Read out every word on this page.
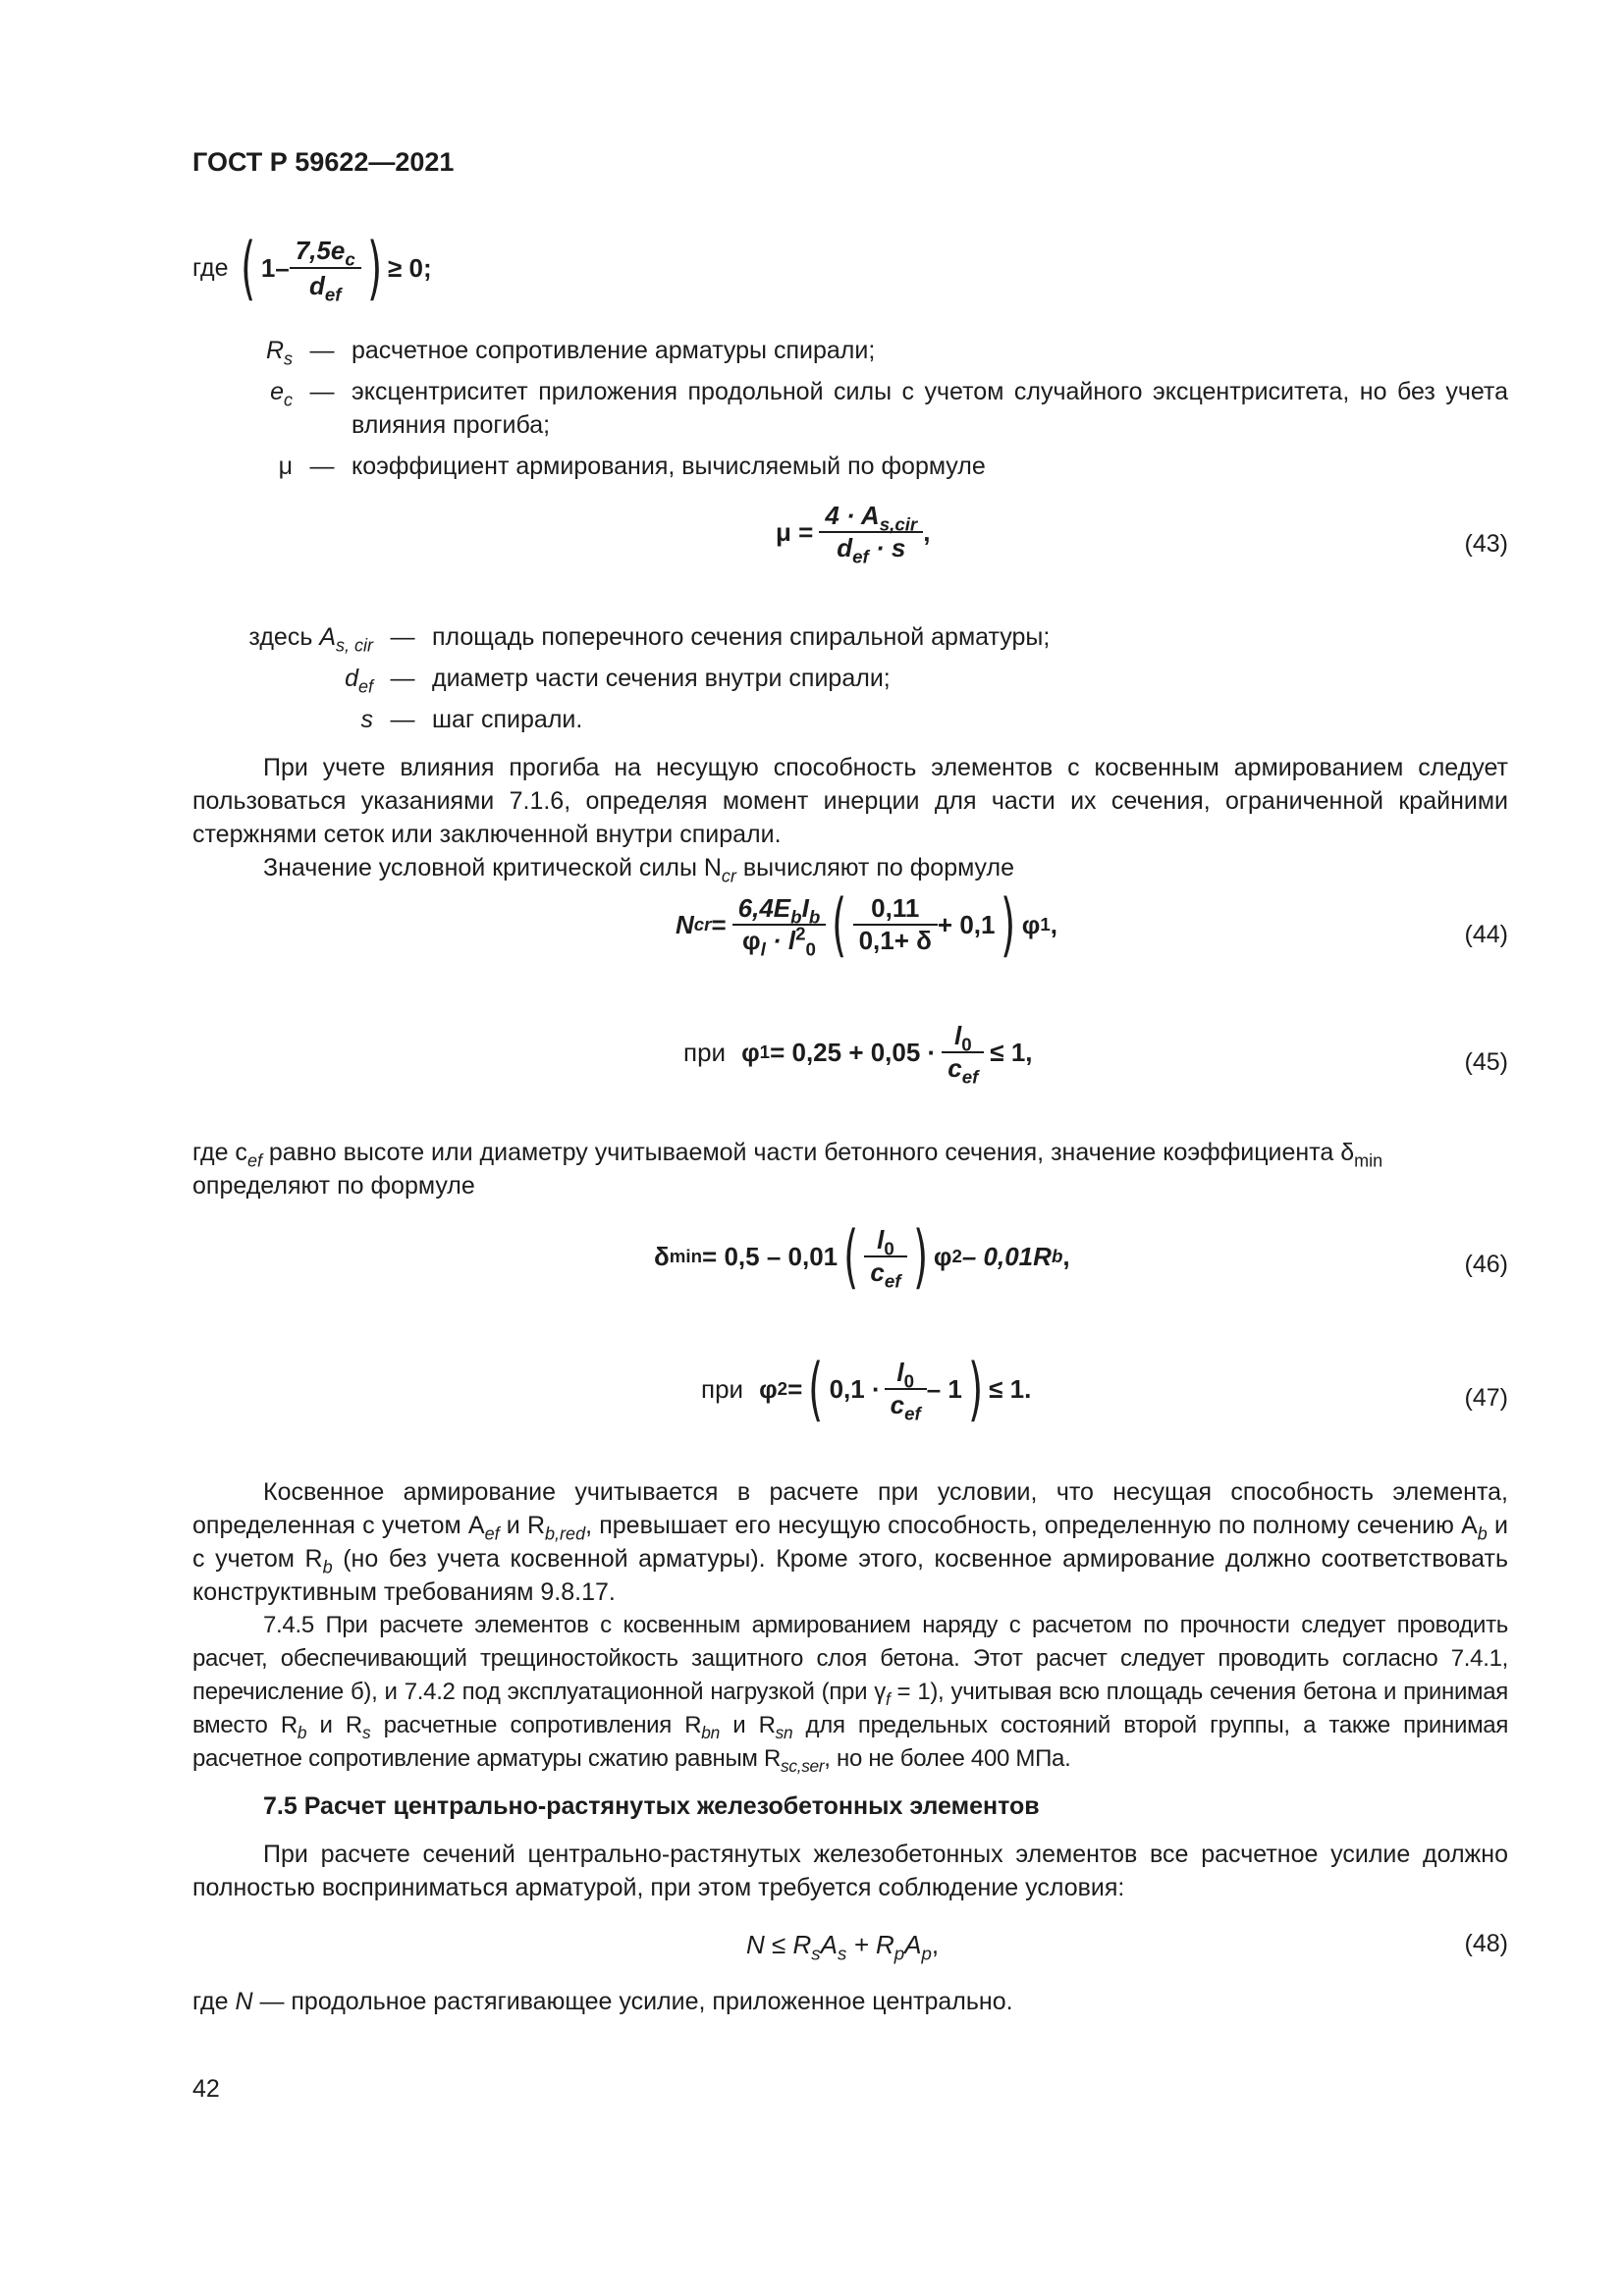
ГОСТ Р 59622—2021
где ( $1- \frac{7,5e_c}{d_{ef}}$ ) ≥ 0;
$R_s$ — расчетное сопротивление арматуры спирали;
$e_c$ — эксцентриситет приложения продольной силы с учетом случайного эксцентриситета, но без учета влияния прогиба;
μ — коэффициент армирования, вычисляемый по формуле
$\mu = \frac{4 \cdot A_{s,cir}}{d_{ef} \cdot s}$ ,	(43)
здесь $A_{s, cir}$ — площадь поперечного сечения спиральной арматуры;
$d_{ef}$ — диаметр части сечения внутри спирали;
s — шаг спирали.

При учете влияния прогиба на несущую способность элементов с косвенным армированием следует пользоваться указаниями 7.1.6, определяя момент инерции для части их сечения, ограниченной крайними стержнями сеток или заключенной внутри спирали.

Значение условной критической силы $N_{cr}$ вычисляют по формуле

N cr = $\frac{6,4E_bI_b}{\varphi_l \cdot l^2_0}$ ( $\frac{0,11}{0,1+ \delta} + 0,1$ ) φ 1 ,	(44)
при φ $1 = 0,25 + 0,05 \cdot \frac{l_0}{c_{ef}} \le 1$,	(45)

где $c_{ef}$ равно высоте или диаметру учитываемой части бетонного сечения, значение коэффициента $\delta_{min}$
определяют по формуле

δ min = 0,5 – 0,01 ( $\frac{l_0}{c_{ef}}$ ) φ 2 – 0,01R b ,	(46)
при φ 2 = ( $0,1 \cdot \frac{l_0}{c_{ef}} - 1$ ) ≤ 1.	(47)

Косвенное армирование учитывается в расчете при условии, что несущая способность элемента, определенная с учетом $A_{ef}$ и $R_{b,red}$, превышает его несущую способность, определенную по полному сечению $A_b$ и с учетом $R_b$ (но без учета косвенной арматуры). Кроме этого, косвенное армирование должно соответствовать конструктивным требованиям 9.8.17.

7.4.5 При расчете элементов с косвенным армированием наряду с расчетом по прочности следует проводить расчет, обеспечивающий трещиностойкость защитного слоя бетона. Этот расчет следует проводить согласно 7.4.1, перечисление б), и 7.4.2 под эксплуатационной нагрузкой (при $\gamma_f = 1$), учитывая всю площадь сечения бетона и принимая вместо $R_b$ и $R_s$ расчетные сопротивления $R_{bn}$ и $R_{sn}$ для предельных состояний второй группы, а также принимая расчетное сопротивление арматуры сжатию равным $R_{sc,ser}$, но не более 400 МПа.

7.5 Расчет центрально-растянутых железобетонных элементов

При расчете сечений центрально-растянутых железобетонных элементов все расчетное усилие должно полностью восприниматься арматурой, при этом требуется соблюдение условия:

$N \le R_sA_s + R_pA_p$,	(48)
где N — продольное растягивающее усилие, приложенное центрально.
42
